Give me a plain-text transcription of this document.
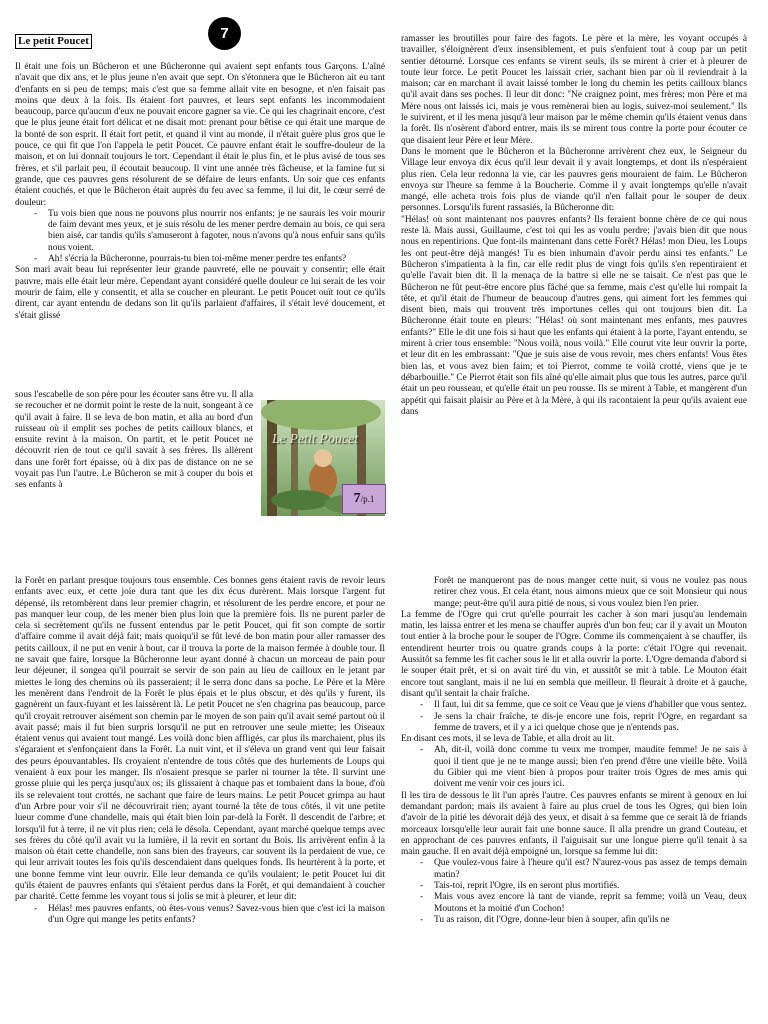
Le petit Poucet	7

Il était une fois un Bûcheron et une Bûcheronne qui avaient sept enfants tous Garçons. L'aîné n'avait que dix ans, et le plus jeune n'en avait que sept. On s'étonnera que le Bûcheron ait eu tant d'enfants en si peu de temps; mais c'est que sa femme allait vite en besogne, et n'en faisait pas moins que deux à la fois. Ils étaient fort pauvres, et leurs sept enfants les incommodaient beaucoup, parce qu'aucun d'eux ne pouvait encore gagner sa vie. Ce qui les chagrinait encore, c'est que le plus jeune était fort délicat et ne disait mot: prenant pour bêtise ce qui était une marque de la bonté de son esprit. Il était fort petit, et quand il vint au monde, il n'était guère plus gros que le pouce, ce qui fit que l'on l'appela le petit Poucet. Ce pauvre enfant était le souffre-douleur de la maison, et on lui donnait toujours le tort. Cependant il était le plus fin, et le plus avisé de tous ses frères, et s'il parlait peu, il écoutait beaucoup. Il vint une année très fâcheuse, et la famine fut si grande, que ces pauvres gens résolurent de se défaire de leurs enfants. Un soir que ces enfants étaient couchés, et que le Bûcheron était auprès du feu avec sa femme, il lui dit, le cœur serré de douleur:

- Tu vois bien que nous ne pouvons plus nourrir nos enfants; je ne saurais les voir mourir de faim devant mes yeux, et je suis résolu de les mener perdre demain au bois, ce qui sera bien aisé, car tandis qu'ils s'amuseront à fagoter, nous n'avons qu'à nous enfuir sans qu'ils nous voient.
- Ah! s'écria la Bûcheronne, pourrais-tu bien toi-même mener perdre tes enfants?

Son mari avait beau lui représenter leur grande pauvreté, elle ne pouvait y consentir; elle était pauvre, mais elle était leur mère. Cependant ayant considéré quelle douleur ce lui serait de les voir mourir de faim, elle y consentit, et alla se coucher en pleurant. Le petit Poucet ouït tout ce qu'ils dirent, car ayant entendu de dedans son lit qu'ils parlaient d'affaires, il s'était levé doucement, et s'était glissé

sous l'escabelle de son père pour les écouter sans être vu. Il alla se recoucher et ne dormit point le reste de la nuit, songeant à ce qu'il avait à faire. Il se leva de bon matin, et alla au bord d'un ruisseau où il emplit ses poches de petits cailloux blancs, et ensuite revint à la maison. On partit, et le petit Poucet ne découvrit rien de tout ce qu'il savait à ses frères. Ils allèrent dans une forêt fort épaisse, où à dix pas de distance on ne se voyait pas l'un l'autre. Le Bûcheron se mit à couper du bois et ses enfants à

Le Petit Poucet
7/p.1

ramasser les broutilles pour faire des fagots. Le père et la mère, les voyant occupés à travailler, s'éloignèrent d'eux insensiblement, et puis s'enfuient tout à coup par un petit sentier détourné. Lorsque ces enfants se virent seuls, ils se mirent à crier et à pleurer de toute leur force. Le petit Poucet les laissait crier, sachant bien par où il reviendrait à la maison; car en marchant il avait laissé tomber le long du chemin les petits cailloux blancs qu'il avait dans ses poches. Il leur dit donc: "Ne craignez point, mes frères; mon Père et ma Mère nous ont laissés ici, mais je vous remènerai bien au logis, suivez-moi seulement." Ils le suivirent, et il les mena jusqu'à leur maison par le même chemin qu'ils étaient venus dans la forêt. Ils n'osèrent d'abord entrer, mais ils se mirent tous contre la porte pour écouter ce que disaient leur Père et leur Mère.

Dans le moment que le Bûcheron et la Bûcheronne arrivèrent chez eux, le Seigneur du Village leur envoya dix écus qu'il leur devait il y avait longtemps, et dont ils n'espéraient plus rien. Cela leur redonna la vie, car les pauvres gens mouraient de faim. Le Bûcheron envoya sur l'heure sa femme à la Boucherie. Comme il y avait longtemps qu'elle n'avait mangé, elle acheta trois fois plus de viande qu'il n'en fallait pour le souper de deux personnes. Lorsqu'ils furent rassasiés, la Bûcheronne dit:

"Hélas! où sont maintenant nos pauvres enfants? Ils feraient bonne chère de ce qui nous reste là. Mais aussi, Guillaume, c'est toi qui les as voulu perdre; j'avais bien dit que nous nous en repentirions. Que font-ils maintenant dans cette Forêt? Hélas! mon Dieu, les Loups les ont peut-être déjà mangés! Tu es bien inhumain d'avoir perdu ainsi tes enfants." Le Bûcheron s'impatienta à la fin, car elle redit plus de vingt fois qu'ils s'en repentiraient et qu'elle l'avait bien dit. Il la menaça de la battre si elle ne se taisait. Ce n'est pas que le Bûcheron ne fût peut-être encore plus fâché que sa femme, mais c'est qu'elle lui rompait la tête, et qu'il était de l'humeur de beaucoup d'autres gens, qui aiment fort les femmes qui disent bien, mais qui trouvent très importunes celles qui ont toujours bien dit. La Bûcheronne était toute en pleurs: "Hélas! où sont maintenant mes enfants, mes pauvres enfants?" Elle le dit une fois si haut que les enfants qui étaient à la porte, l'ayant entendu, se mirent à crier tous ensemble: "Nous voilà, nous voilà." Elle courut vite leur ouvrir la porte, et leur dit en les embrassant: "Que je suis aise de vous revoir, mes chers enfants! Vous êtes bien las, et vous avez bien faim; et toi Pierrot, comme te voilà crotté, viens que je te débarbouille." Ce Pierrot était son fils aîné qu'elle aimait plus que tous les autres, parce qu'il était un peu rousseau, et qu'elle était un peu rousse. Ils se mirent à Table, et mangèrent d'un appétit qui faisait plaisir au Père et à la Mère, à qui ils racontaient la peur qu'ils avaient eue dans

la Forêt en parlant presque toujours tous ensemble. Ces bonnes gens étaient ravis de revoir leurs enfants avec eux, et cette joie dura tant que les dix écus durèrent. Mais lorsque l'argent fut dépensé, ils retombèrent dans leur premier chagrin, et résolurent de les perdre encore, et pour ne pas manquer leur coup, de les mener bien plus loin que la première fois. Ils ne purent parler de cela si secrètement qu'ils ne fussent entendus par le petit Poucet, qui fit son compte de sortir d'affaire comme il avait déjà fait; mais quoiqu'il se fût levé de bon matin pour aller ramasser des petits cailloux, il ne put en venir à bout, car il trouva la porte de la maison fermée à double tour. Il ne savait que faire, lorsque la Bûcheronne leur ayant donné à chacun un morceau de pain pour leur déjeuner, il songea qu'il pourrait se servir de son pain au lieu de cailloux en le jetant par miettes le long des chemins où ils passeraient; il le serra donc dans sa poche. Le Père et la Mère les menèrent dans l'endroit de la Forêt le plus épais et le plus obscur, et dès qu'ils y furent, ils gagnèrent un faux-fuyant et les laissèrent là. Le petit Poucet ne s'en chagrina pas beaucoup, parce qu'il croyait retrouver aisément son chemin par le moyen de son pain qu'il avait semé partout où il avait passé; mais il fut bien surpris lorsqu'il ne put en retrouver une seule miette; les Oiseaux étaient venus qui avaient tout mangé. Les voilà donc bien affligés, car plus ils marchaient, plus ils s'égaraient et s'enfonçaient dans la Forêt. La nuit vint, et il s'éleva un grand vent qui leur faisait des peurs épouvantables. Ils croyaient n'entendre de tous côtés que des hurlements de Loups qui venaient à eux pour les manger. Ils n'osaient presque se parler ni tourner la tête. Il survint une grosse pluie qui les perça jusqu'aux os; ils glissaient à chaque pas et tombaient dans la boue, d'où ils se relevaient tout crottés, ne sachant que faire de leurs mains. Le petit Poucet grimpa au haut d'un Arbre pour voir s'il ne découvrirait rien; ayant tourné la tête de tous côtés, il vit une petite lueur comme d'une chandelle, mais qui était bien loin par-delà la Forêt. Il descendit de l'arbre; et lorsqu'il fut à terre, il ne vit plus rien; cela le désola. Cependant, ayant marché quelque temps avec ses frères du côté qu'il avait vu la lumière, il la revit en sortant du Bois. Ils arrivèrent enfin à la maison où était cette chandelle, non sans bien des frayeurs, car souvent ils la perdaient de vue, ce qui leur arrivait toutes les fois qu'ils descendaient dans quelques fonds. Ils heurtèrent à la porte, et une bonne femme vint leur ouvrir. Elle leur demanda ce qu'ils voulaient; le petit Poucet lui dit qu'ils étaient de pauvres enfants qui s'étaient perdus dans la Forêt, et qui demandaient à coucher par charité. Cette femme les voyant tous si jolis se mit à pleurer, et leur dit:

- Hélas! mes pauvres enfants, où êtes-vous venus? Savez-vous bien que c'est ici la maison d'un Ogre qui mange les petits enfants?
Forêt ne manqueront pas de nous manger cette nuit, si vous ne voulez pas nous retirer chez vous. Et cela étant, nous aimons mieux que ce soit Monsieur qui nous mange; peut-être qu'il aura pitié de nous, si vous voulez bien l'en prier.

La femme de l'Ogre qui crut qu'elle pourrait les cacher à son mari jusqu'au lendemain matin, les laissa entrer et les mena se chauffer auprès d'un bon feu; car il y avait un Mouton tout entier à la broche pour le souper de l'Ogre. Comme ils commençaient à se chauffer, ils entendirent heurter trois ou quatre grands coups à la porte: c'était l'Ogre qui revenait. Aussitôt sa femme les fit cacher sous le lit et alla ouvrir la porte. L'Ogre demanda d'abord si le souper était prêt, et si on avait tiré du vin, et aussitôt se mit à table. Le Mouton était encore tout sanglant, mais il ne lui en sembla que meilleur. Il fleurait à droite et à gauche, disant qu'il sentait la chair fraîche.

- Il faut, lui dit sa femme, que ce soit ce Veau que je viens d'habiller que vous sentez.
- Je sens la chair fraîche, te dis-je encore une fois, reprit l'Ogre, en regardant sa femme de travers, et il y a ici quelque chose que je n'entends pas.

En disant ces mots, il se leva de Table, et alla droit au lit.

- Ah, dit-il, voilà donc comme tu veux me tromper, maudite femme! Je ne sais à quoi il tient que je ne te mange aussi; bien t'en prend d'être une vieille bête. Voilà du Gibier qui me vient bien à propos pour traiter trois Ogres de mes amis qui doivent me venir voir ces jours ici.

Il les tira de dessous le lit l'un après l'autre. Ces pauvres enfants se mirent à genoux en lui demandant pardon; mais ils avaient à faire au plus cruel de tous les Ogres, qui bien loin d'avoir de la pitié les dévorait déjà des yeux, et disait à sa femme que ce serait là de friands morceaux lorsqu'elle leur aurait fait une bonne sauce. Il alla prendre un grand Couteau, et en approchant de ces pauvres enfants, il l'aiguisait sur une longue pierre qu'il tenait à sa main gauche. Il en avait déjà empoigné un, lorsque sa femme lui dit:

- Que voulez-vous faire à l'heure qu'il est? N'aurez-vous pas assez de temps demain matin?
- Tais-toi, reprit l'Ogre, ils en seront plus mortifiés.
- Mais vous avez encore là tant de viande, reprit sa femme; voilà un Veau, deux Moutons et la moitié d'un Cochon!
- Tu as raison, dit l'Ogre, donne-leur bien à souper, afin qu'ils ne
